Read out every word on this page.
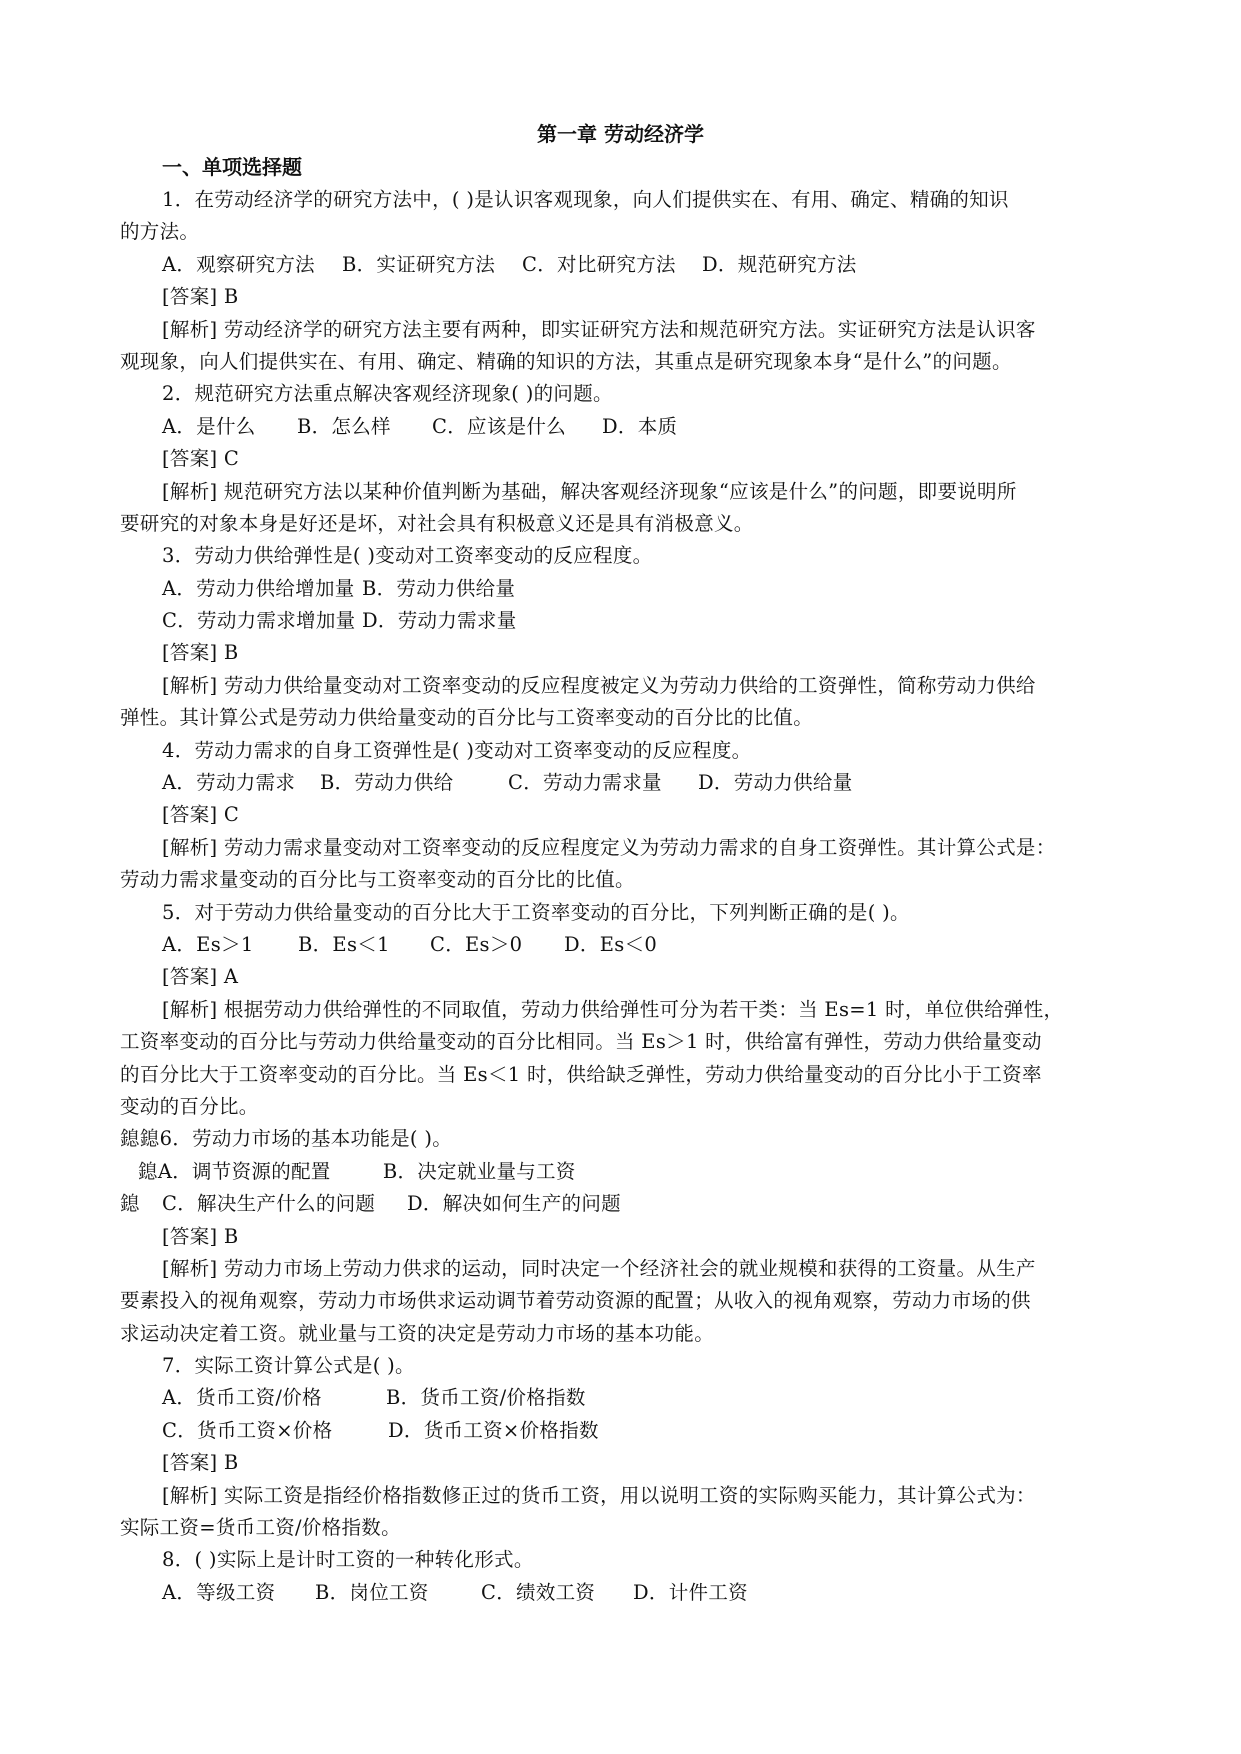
第一章 劳动经济学
一、单项选择题
1．在劳动经济学的研究方法中，( )是认识客观现象，向人们提供实在、有用、确定、精确的知识
的方法。
A．观察研究方法 B．实证研究方法 C．对比研究方法 D．规范研究方法
[答案] B
[解析] 劳动经济学的研究方法主要有两种，即实证研究方法和规范研究方法。实证研究方法是认识客
观现象，向人们提供实在、有用、确定、精确的知识的方法，其重点是研究现象本身“是什么”的问题。
2．规范研究方法重点解决客观经济现象( )的问题。
A．是什么 B．怎么样 C．应该是什么 D．本质
[答案] C
[解析] 规范研究方法以某种价值判断为基础，解决客观经济现象“应该是什么”的问题，即要说明所
要研究的对象本身是好还是坏，对社会具有积极意义还是具有消极意义。
3．劳动力供给弹性是( )变动对工资率变动的反应程度。
A．劳动力供给增加量 B．劳动力供给量
C．劳动力需求增加量 D．劳动力需求量
[答案] B
[解析] 劳动力供给量变动对工资率变动的反应程度被定义为劳动力供给的工资弹性，简称劳动力供给
弹性。其计算公式是劳动力供给量变动的百分比与工资率变动的百分比的比值。
4．劳动力需求的自身工资弹性是( )变动对工资率变动的反应程度。
A．劳动力需求 B．劳动力供给	C．劳动力需求量 D．劳动力供给量
[答案] C
[解析] 劳动力需求量变动对工资率变动的反应程度定义为劳动力需求的自身工资弹性。其计算公式是：
劳动力需求量变动的百分比与工资率变动的百分比的比值。
5．对于劳动力供给量变动的百分比大于工资率变动的百分比，下列判断正确的是( )。
A．Es＞1 B．Es＜1 C．Es＞0 D．Es＜0
[答案] A
[解析] 根据劳动力供给弹性的不同取值，劳动力供给弹性可分为若干类：当 Es=1 时，单位供给弹性，
工资率变动的百分比与劳动力供给量变动的百分比相同。当 Es＞1 时，供给富有弹性，劳动力供给量变动
的百分比大于工资率变动的百分比。当 Es＜1 时，供给缺乏弹性，劳动力供给量变动的百分比小于工资率
变动的百分比。
鎴鎴6．劳动力市场的基本功能是( )。
鎴A．调节资源的配置	B．决定就业量与工资
鎴 C．解决生产什么的问题 D．解决如何生产的问题
[答案] B
[解析] 劳动力市场上劳动力供求的运动，同时决定一个经济社会的就业规模和获得的工资量。从生产
要素投入的视角观察，劳动力市场供求运动调节着劳动资源的配置；从收入的视角观察，劳动力市场的供
求运动决定着工资。就业量与工资的决定是劳动力市场的基本功能。
7．实际工资计算公式是( )。
A．货币工资/价格	B．货币工资/价格指数
C．货币工资×价格	D．货币工资×价格指数
[答案] B
[解析] 实际工资是指经价格指数修正过的货币工资，用以说明工资的实际购买能力，其计算公式为：
实际工资=货币工资/价格指数。
8．( )实际上是计时工资的一种转化形式。
A．等级工资 B．岗位工资	C．绩效工资 D．计件工资
